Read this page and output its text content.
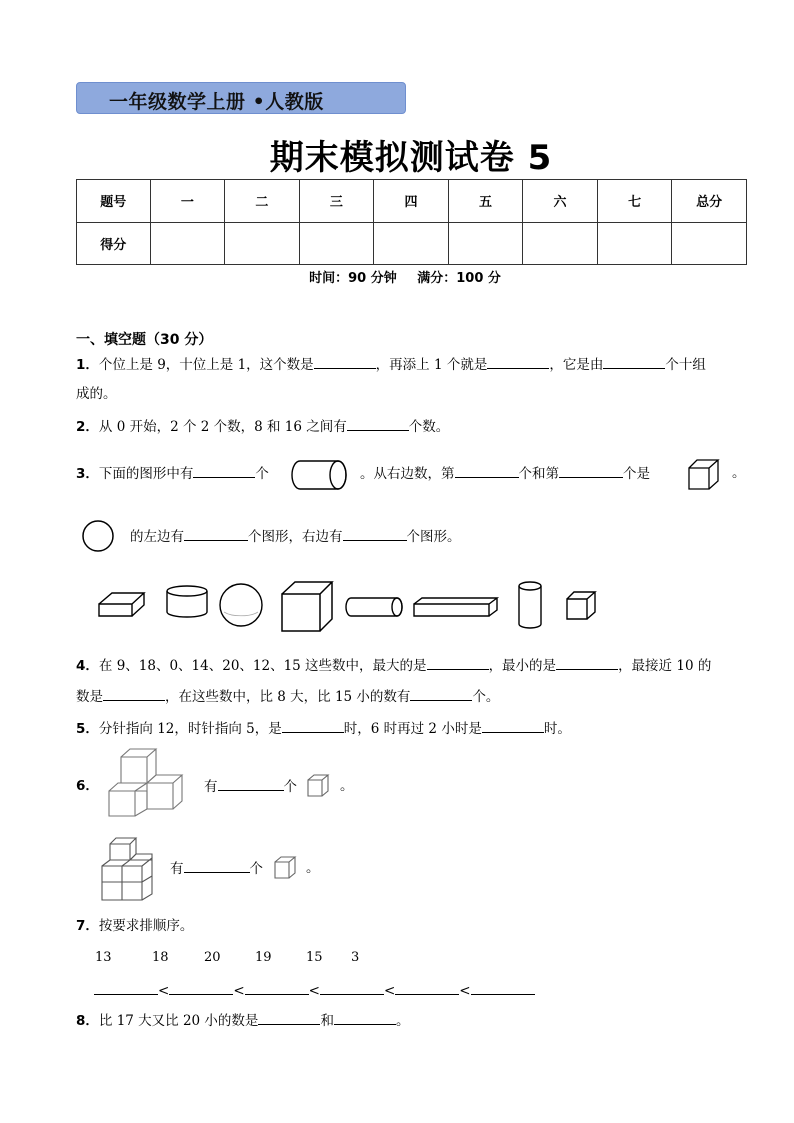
一年级数学上册 •人教版
期末模拟测试卷 5
题号	一	二	三	四	五	六	七	总分
得分								
时间：90 分钟 满分：100 分
一、填空题（30 分）
1．个位上是 9，十位上是 1，这个数是	，再添上 1 个就是	，它是由	个十组
成的。
2．从 0 开始，2 个 2 个数，8 和 16 之间有	个数。
3．下面的图形中有	个	。从右边数，第	个和第	个是	。
的左边有	个图形，右边有	个图形。
4．在 9、18、0、14、20、12、15 这些数中，最大的是	，最小的是	，最接近 10 的
数是	，在这些数中，比 8 大，比 15 小的数有	个。
5．分针指向 12，时针指向 5，是	时，6 时再过 2 小时是	时。
6．	有	个	。
有	个	。
7．按要求排顺序。
13	18	20	19	15 3
<	<	<	<	<
8．比 17 大又比 20 小的数是	和	。
